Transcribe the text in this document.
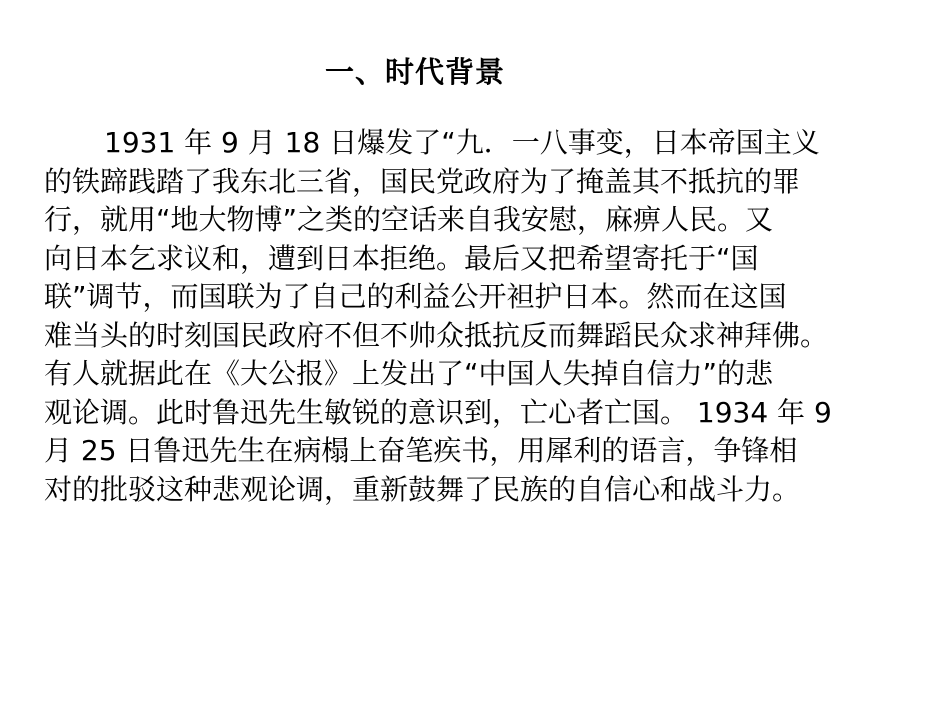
一、时代背景
1931 年 9 月 18 日爆发了“九．一八事变，日本帝国主义
的铁蹄践踏了我东北三省，国民党政府为了掩盖其不抵抗的罪
行，就用“地大物博”之类的空话来自我安慰，麻痹人民。又
向日本乞求议和，遭到日本拒绝。最后又把希望寄托于“国
联”调节，而国联为了自己的利益公开袒护日本。然而在这国
难当头的时刻国民政府不但不帅众抵抗反而舞蹈民众求神拜佛。
有人就据此在《大公报》上发出了“中国人失掉自信力”的悲
观论调。此时鲁迅先生敏锐的意识到，亡心者亡国。 1934 年 9
月 25 日鲁迅先生在病榻上奋笔疾书，用犀利的语言，争锋相
对的批驳这种悲观论调，重新鼓舞了民族的自信心和战斗力。
